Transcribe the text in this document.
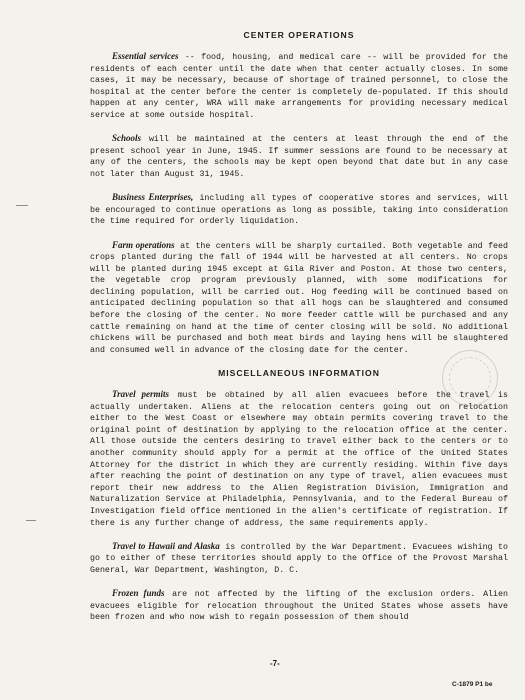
CENTER OPERATIONS

Essential services -- food, housing, and medical care -- will be provided for the residents of each center until the date when that center actually closes. In some cases, it may be necessary, because of shortage of trained personnel, to close the hospital at the center before the center is completely de-populated. If this should happen at any center, WRA will make arrangements for providing necessary medical service at some outside hospital.

Schools will be maintained at the centers at least through the end of the present school year in June, 1945. If summer sessions are found to be necessary at any of the centers, the schools may be kept open beyond that date but in any case not later than August 31, 1945.

Business Enterprises, including all types of cooperative stores and services, will be encouraged to continue operations as long as possible, taking into consideration the time required for orderly liquidation.

Farm operations at the centers will be sharply curtailed. Both vegetable and feed crops planted during the fall of 1944 will be harvested at all centers. No crops will be planted during 1945 except at Gila River and Poston. At those two centers, the vegetable crop program previously planned, with some modifications for declining population, will be carried out. Hog feeding will be continued based on anticipated declining population so that all hogs can be slaughtered and consumed before the closing of the center. No more feeder cattle will be purchased and any cattle remaining on hand at the time of center closing will be sold. No additional chickens will be purchased and both meat birds and laying hens will be slaughtered and consumed well in advance of the closing date for the center.

MISCELLANEOUS INFORMATION

Travel permits must be obtained by all alien evacuees before the travel is actually undertaken. Aliens at the relocation centers going out on relocation either to the West Coast or elsewhere may obtain permits covering travel to the original point of destination by applying to the relocation office at the center. All those outside the centers desiring to travel either back to the centers or to another community should apply for a permit at the office of the United States Attorney for the district in which they are currently residing. Within five days after reaching the point of destination on any type of travel, alien evacuees must report their new address to the Alien Registration Division, Immigration and Naturalization Service at Philadelphia, Pennsylvania, and to the Federal Bureau of Investigation field office mentioned in the alien's certificate of registration. If there is any further change of address, the same requirements apply.

Travel to Hawaii and Alaska is controlled by the War Department. Evacuees wishing to go to either of these territories should apply to the Office of the Provost Marshal General, War Department, Washington, D. C.

Frozen funds are not affected by the lifting of the exclusion orders. Alien evacuees eligible for relocation throughout the United States whose assets have been frozen and who now wish to regain possession of them should

-7-
C-1879 P1 be
